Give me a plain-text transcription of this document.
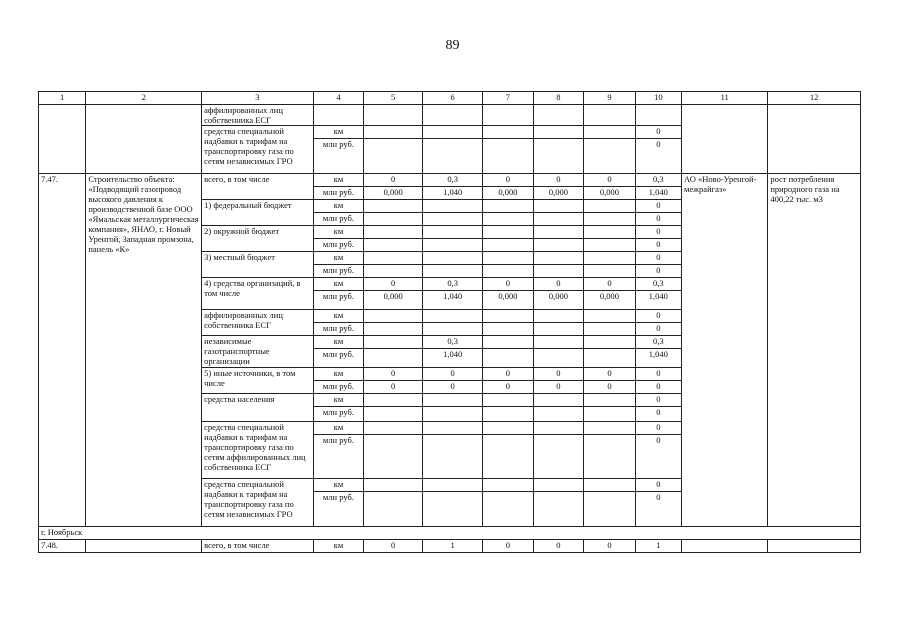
89
1	2	3	4	5	6	7	8	9	10	11	12
		аффилированных лиц собственника ЕСГ									
		средства специальной надбавки к тарифам на транспортировку газа по сетям независимых ГРО	км						0		
			млн руб.						0		
7.47.	Строительство объекта: «Подводящий газопровод высокого давления к производственной базе ООО «Ямальская металлургическая компания», ЯНАО, г. Новый Уренгой, Западная промзона, панель «К»	всего, в том числе	км	0	0,3	0	0	0	0,3	АО «Ново-Уренгой-межрайгаз»	рост потребления природного газа на 400,22 тыс. м3
			млн руб.	0,000	1,040	0,000	0,000	0,000	1,040		
		1) федеральный бюджет	км						0		
			млн руб.						0		
		2) окружной бюджет	км						0		
			млн руб.						0		
		3) местный бюджет	км						0		
			млн руб.						0		
		4) средства организаций, в том числе	км	0	0,3	0	0	0	0,3		
			млн руб.	0,000	1,040	0,000	0,000	0,000	1,040		
		аффилированных лиц собственника ЕСГ	км						0		
			млн руб.						0		
		независимые газотранспортные организации	км		0,3				0,3		
			млн руб.		1,040				1,040		
		5) иные источники, в том числе	км	0	0	0	0	0	0		
			млн руб.	0	0	0	0	0	0		
		средства населения	км						0		
			млн руб.						0		
		средства специальной надбавки к тарифам на транспортировку газа по сетям аффилированных лиц собственника ЕСГ	км						0		
			млн руб.						0		
		средства специальной надбавки к тарифам на транспортировку газа по сетям независимых ГРО	км						0		
			млн руб.						0		
г. Ноябрьск											
7.48.		всего, в том числе	км	0	1	0	0	0	1		
